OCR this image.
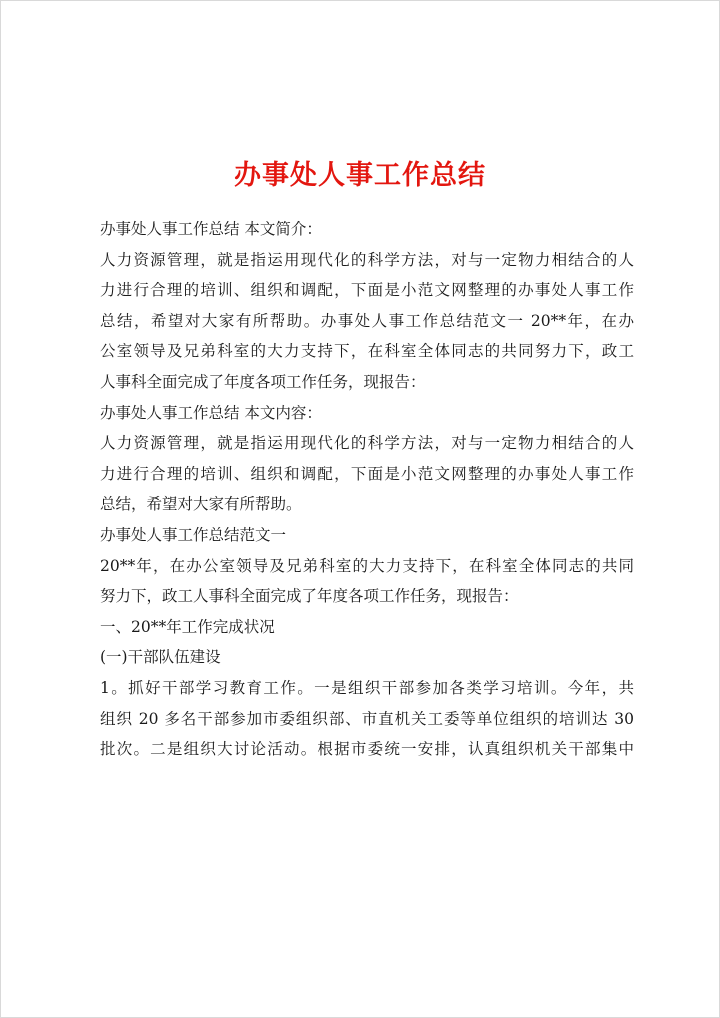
办事处人事工作总结
办事处人事工作总结 本文简介：
人力资源管理，就是指运用现代化的科学方法，对与一定物力相结合的人
力进行合理的培训、组织和调配，下面是小范文网整理的办事处人事工作
总结，希望对大家有所帮助。办事处人事工作总结范文一 20**年，在办
公室领导及兄弟科室的大力支持下，在科室全体同志的共同努力下，政工
人事科全面完成了年度各项工作任务，现报告：
办事处人事工作总结 本文内容：
人力资源管理，就是指运用现代化的科学方法，对与一定物力相结合的人
力进行合理的培训、组织和调配，下面是小范文网整理的办事处人事工作
总结，希望对大家有所帮助。
办事处人事工作总结范文一
20**年，在办公室领导及兄弟科室的大力支持下，在科室全体同志的共同
努力下，政工人事科全面完成了年度各项工作任务，现报告：
一、20**年工作完成状况
(一)干部队伍建设
1。抓好干部学习教育工作。一是组织干部参加各类学习培训。今年，共
组织 20 多名干部参加市委组织部、市直机关工委等单位组织的培训达 30
批次。二是组织大讨论活动。根据市委统一安排，认真组织机关干部集中
